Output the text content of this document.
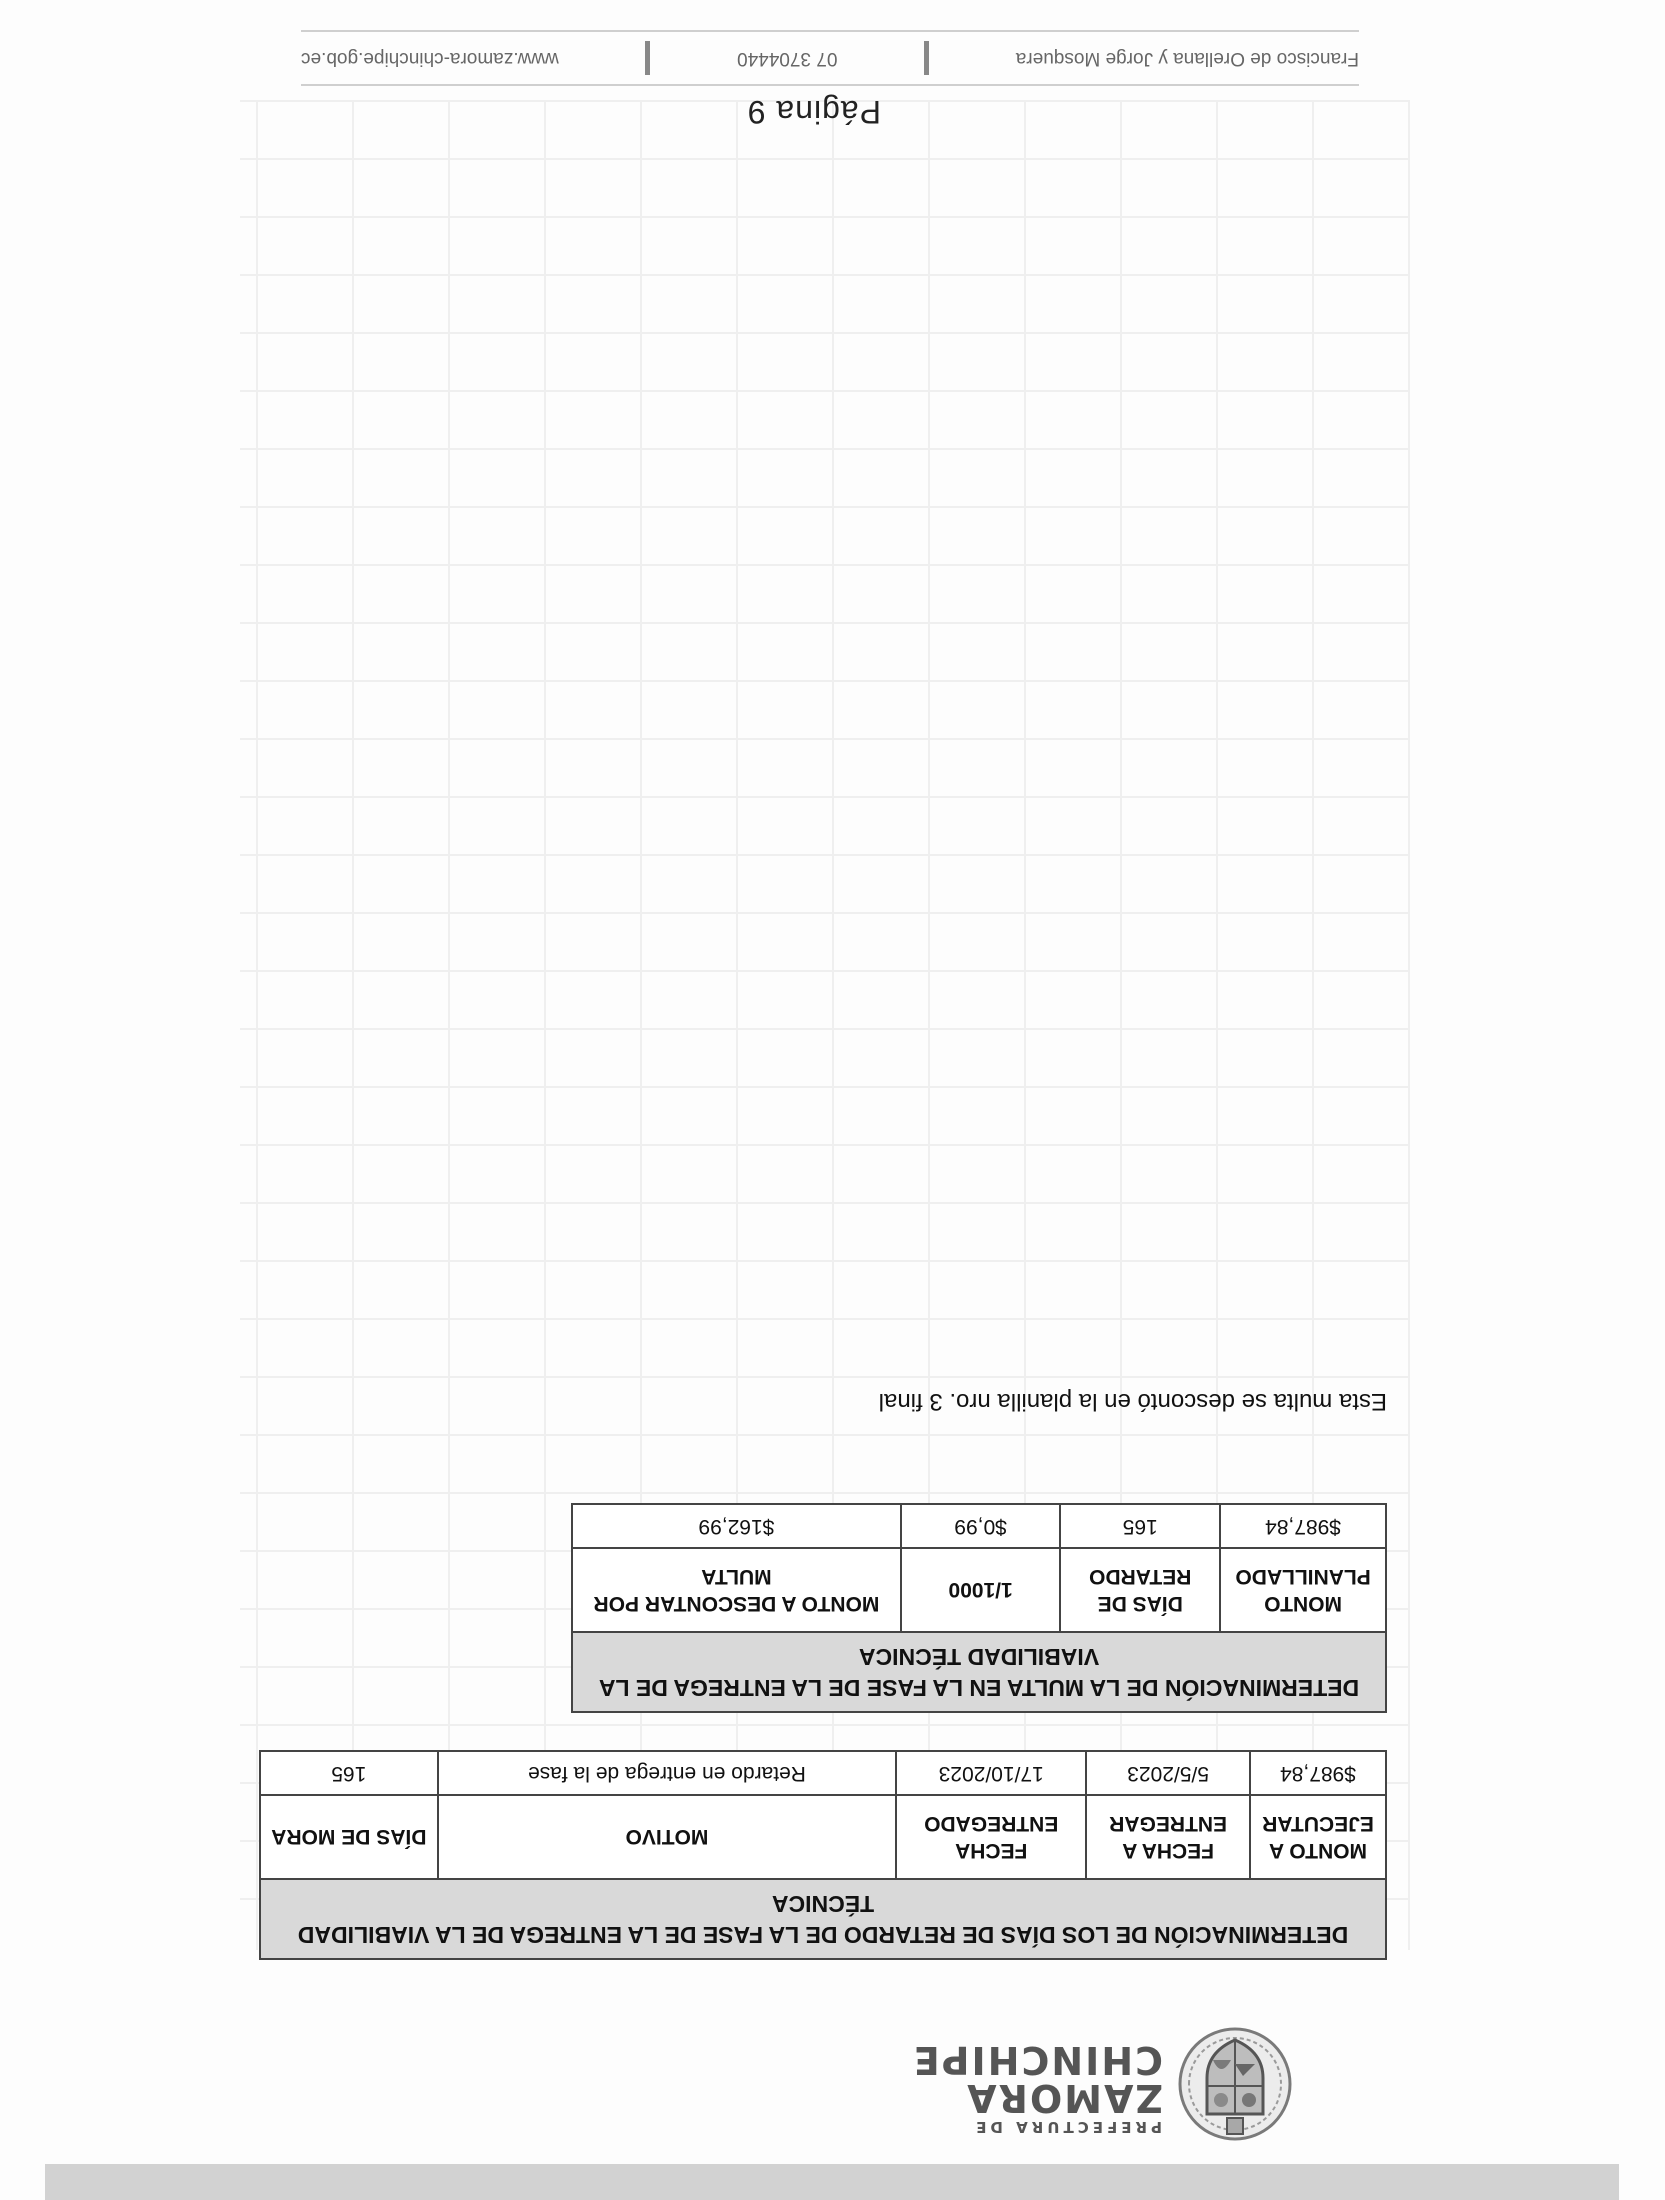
PREFECTURA DE
ZAMORA
CHINCHIPE
DETERMINACIÓN DE LOS DÍAS DE RETARDO DE LA FASE DE LA ENTREGA DE LA VIABILIDAD TÉCNICA				
MONTO A EJECUTAR	FECHA A ENTREGAR	FECHA ENTREGADO	MOTIVO	DÍAS DE MORA
$987,84	5/5/2023	17/10/2023	Retardo en entrega de la fase	165
DETERMINACIÓN DE LA MULTA EN LA FASE DE LA ENTREGA DE LA VIABILIDAD TÉCNICA			
MONTO PLANILLADO	DÍAS DE RETARDO	1/1000	MONTO A DESCONTAR POR MULTA
$987,84	165	$0,99	$162,99
Esta multa se descontó en la planilla nro. 3 final
Página 9
Francisco de Orellana y Jorge Mosquera
07 3704440
www.zamora-chinchipe.gob.ec
